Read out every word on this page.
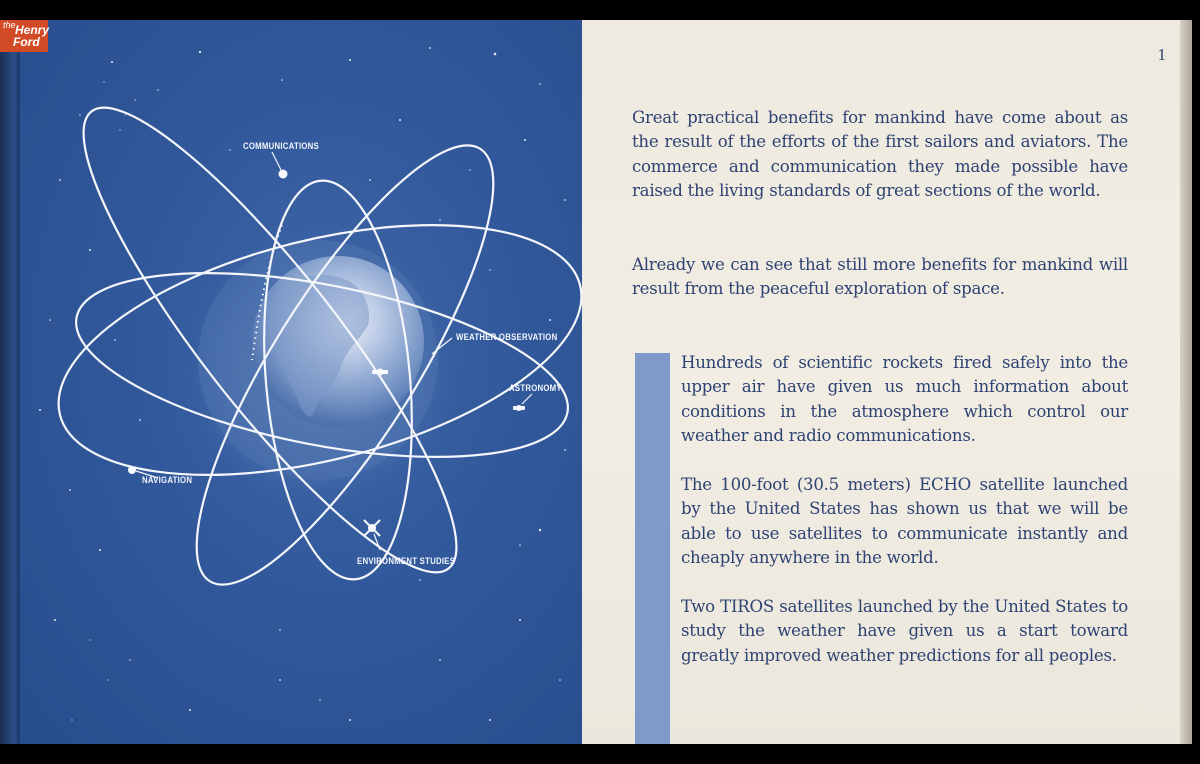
COMMUNICATIONS
WEATHER OBSERVATION
ASTRONOMY
NAVIGATION
ENVIRONMENT STUDIES
1

Great practical benefits for mankind have come about as the result of the efforts of the first sailors and aviators. The commerce and communication they made possible have raised the living standards of great sections of the world.

Already we can see that still more benefits for mankind will result from the peaceful exploration of space.

Hundreds of scientific rockets fired safely into the upper air have given us much information about conditions in the atmosphere which control our weather and radio communications.

The 100-foot (30.5 meters) ECHO satellite launched by the United States has shown us that we will be able to use satellites to communicate instantly and cheaply anywhere in the world.

Two TIROS satellites launched by the United States to study the weather have given us a start toward greatly improved weather predictions for all peoples.

the Henry
Ford
